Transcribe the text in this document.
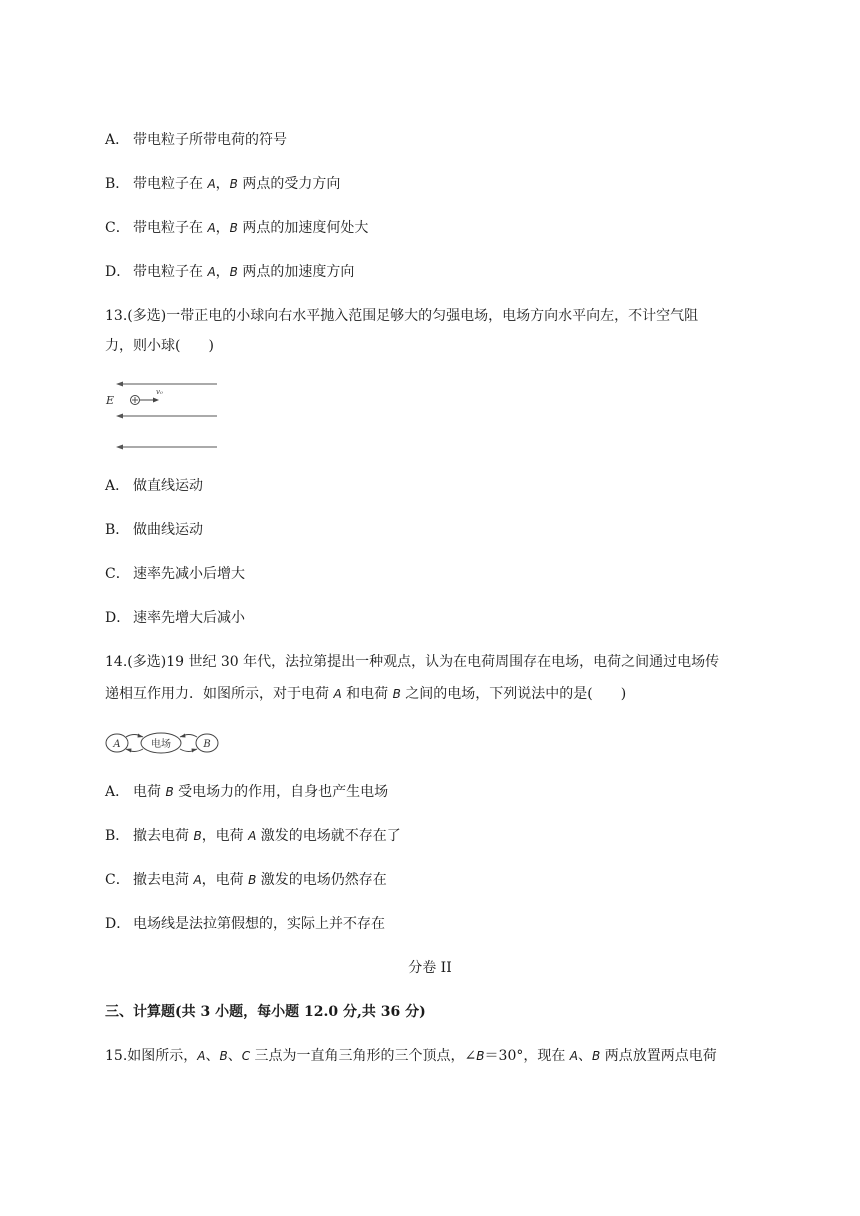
A． 带电粒子所带电荷的符号
B． 带电粒子在 A，B 两点的受力方向
C． 带电粒子在 A，B 两点的加速度何处大
D． 带电粒子在 A，B 两点的加速度方向
13.(多选)一带正电的小球向右水平抛入范围足够大的匀强电场，电场方向水平向左，不计空气阻
力，则小球(　　)
E
v₀
A． 做直线运动
B． 做曲线运动
C． 速率先减小后增大
D． 速率先增大后减小
14.(多选)19 世纪 30 年代，法拉第提出一种观点，认为在电荷周围存在电场，电荷之间通过电场传
递相互作用力．如图所示，对于电荷 A 和电荷 B 之间的电场，下列说法中的是(　　)
A	电场	B
A． 电荷 B 受电场力的作用，自身也产生电场
B． 撤去电荷 B，电荷 A 激发的电场就不存在了
C． 撤去电菏 A，电荷 B 激发的电场仍然存在
D． 电场线是法拉第假想的，实际上并不存在
分卷 II
三、计算题(共 3 小题，每小题 12.0 分,共 36 分)
15.如图所示，A、B、C 三点为一直角三角形的三个顶点，∠B＝30°，现在 A、B 两点放置两点电荷
